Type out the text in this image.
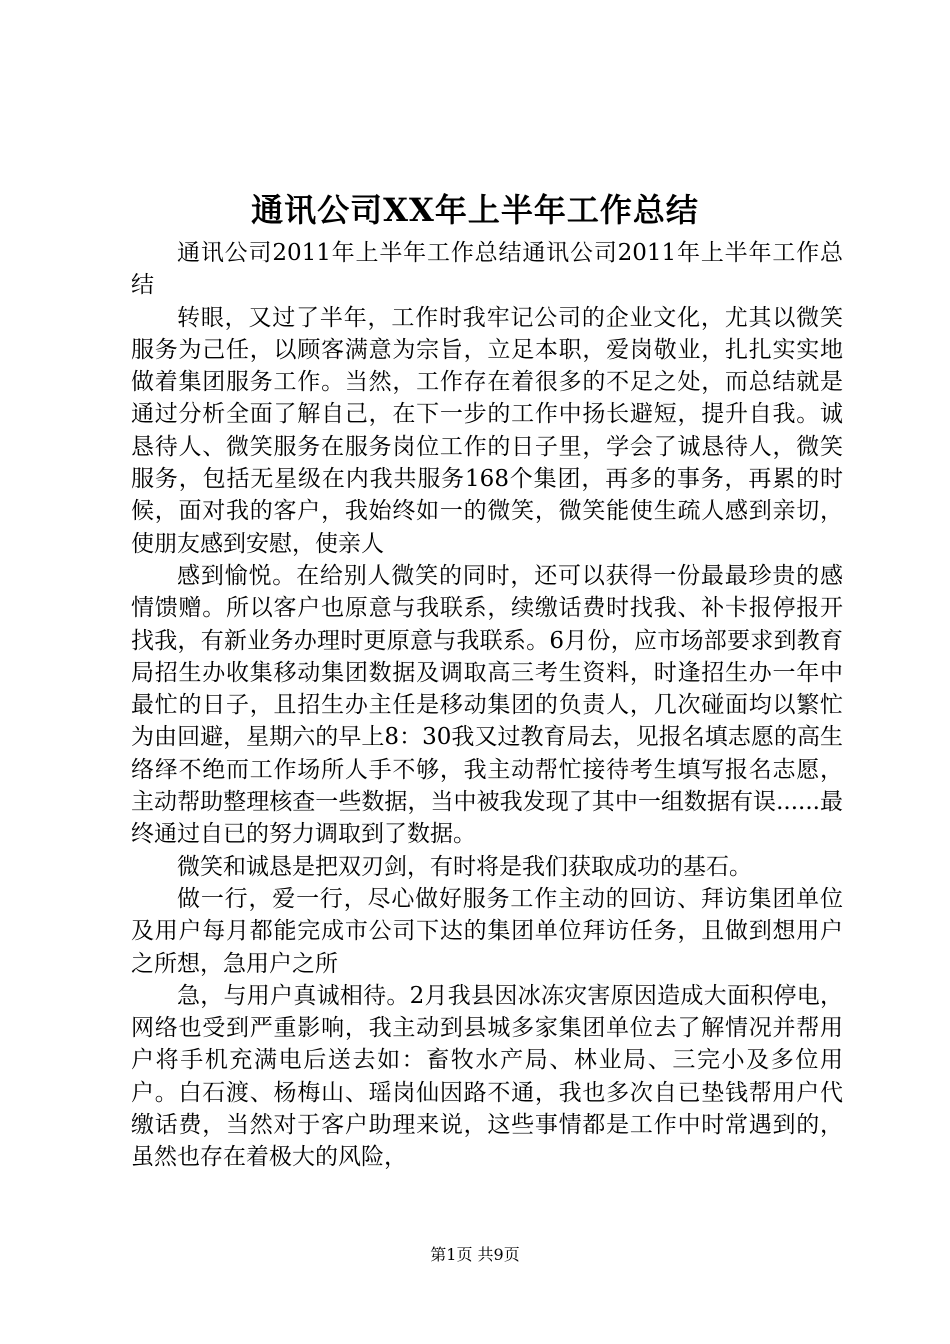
通讯公司XX年上半年工作总结

通讯公司2011年上半年工作总结通讯公司2011年上半年工作总结

转眼，又过了半年，工作时我牢记公司的企业文化，尤其以微笑服务为己任，以顾客满意为宗旨，立足本职，爱岗敬业，扎扎实实地做着集团服务工作。当然，工作存在着很多的不足之处，而总结就是通过分析全面了解自己，在下一步的工作中扬长避短，提升自我。诚恳待人、微笑服务在服务岗位工作的日子里，学会了诚恳待人，微笑服务，包括无星级在内我共服务168个集团，再多的事务，再累的时候，面对我的客户，我始终如一的微笑，微笑能使生疏人感到亲切，使朋友感到安慰，使亲人

感到愉悦。在给别人微笑的同时，还可以获得一份最最珍贵的感情馈赠。所以客户也原意与我联系，续缴话费时找我、补卡报停报开找我，有新业务办理时更原意与我联系。6月份，应市场部要求到教育局招生办收集移动集团数据及调取高三考生资料，时逢招生办一年中最忙的日子，且招生办主任是移动集团的负责人，几次碰面均以繁忙为由回避，星期六的早上8：30我又过教育局去，见报名填志愿的高生络绎不绝而工作场所人手不够，我主动帮忙接待考生填写报名志愿，主动帮助整理核查一些数据，当中被我发现了其中一组数据有误......最终通过自已的努力调取到了数据。

微笑和诚恳是把双刃剑，有时将是我们获取成功的基石。

做一行，爱一行，尽心做好服务工作主动的回访、拜访集团单位及用户每月都能完成市公司下达的集团单位拜访任务，且做到想用户之所想，急用户之所

急，与用户真诚相待。2月我县因冰冻灾害原因造成大面积停电，网络也受到严重影响，我主动到县城多家集团单位去了解情况并帮用户将手机充满电后送去如：畜牧水产局、林业局、三完小及多位用户。白石渡、杨梅山、瑶岗仙因路不通，我也多次自已垫钱帮用户代缴话费，当然对于客户助理来说，这些事情都是工作中时常遇到的，虽然也存在着极大的风险，

第1页 共9页
